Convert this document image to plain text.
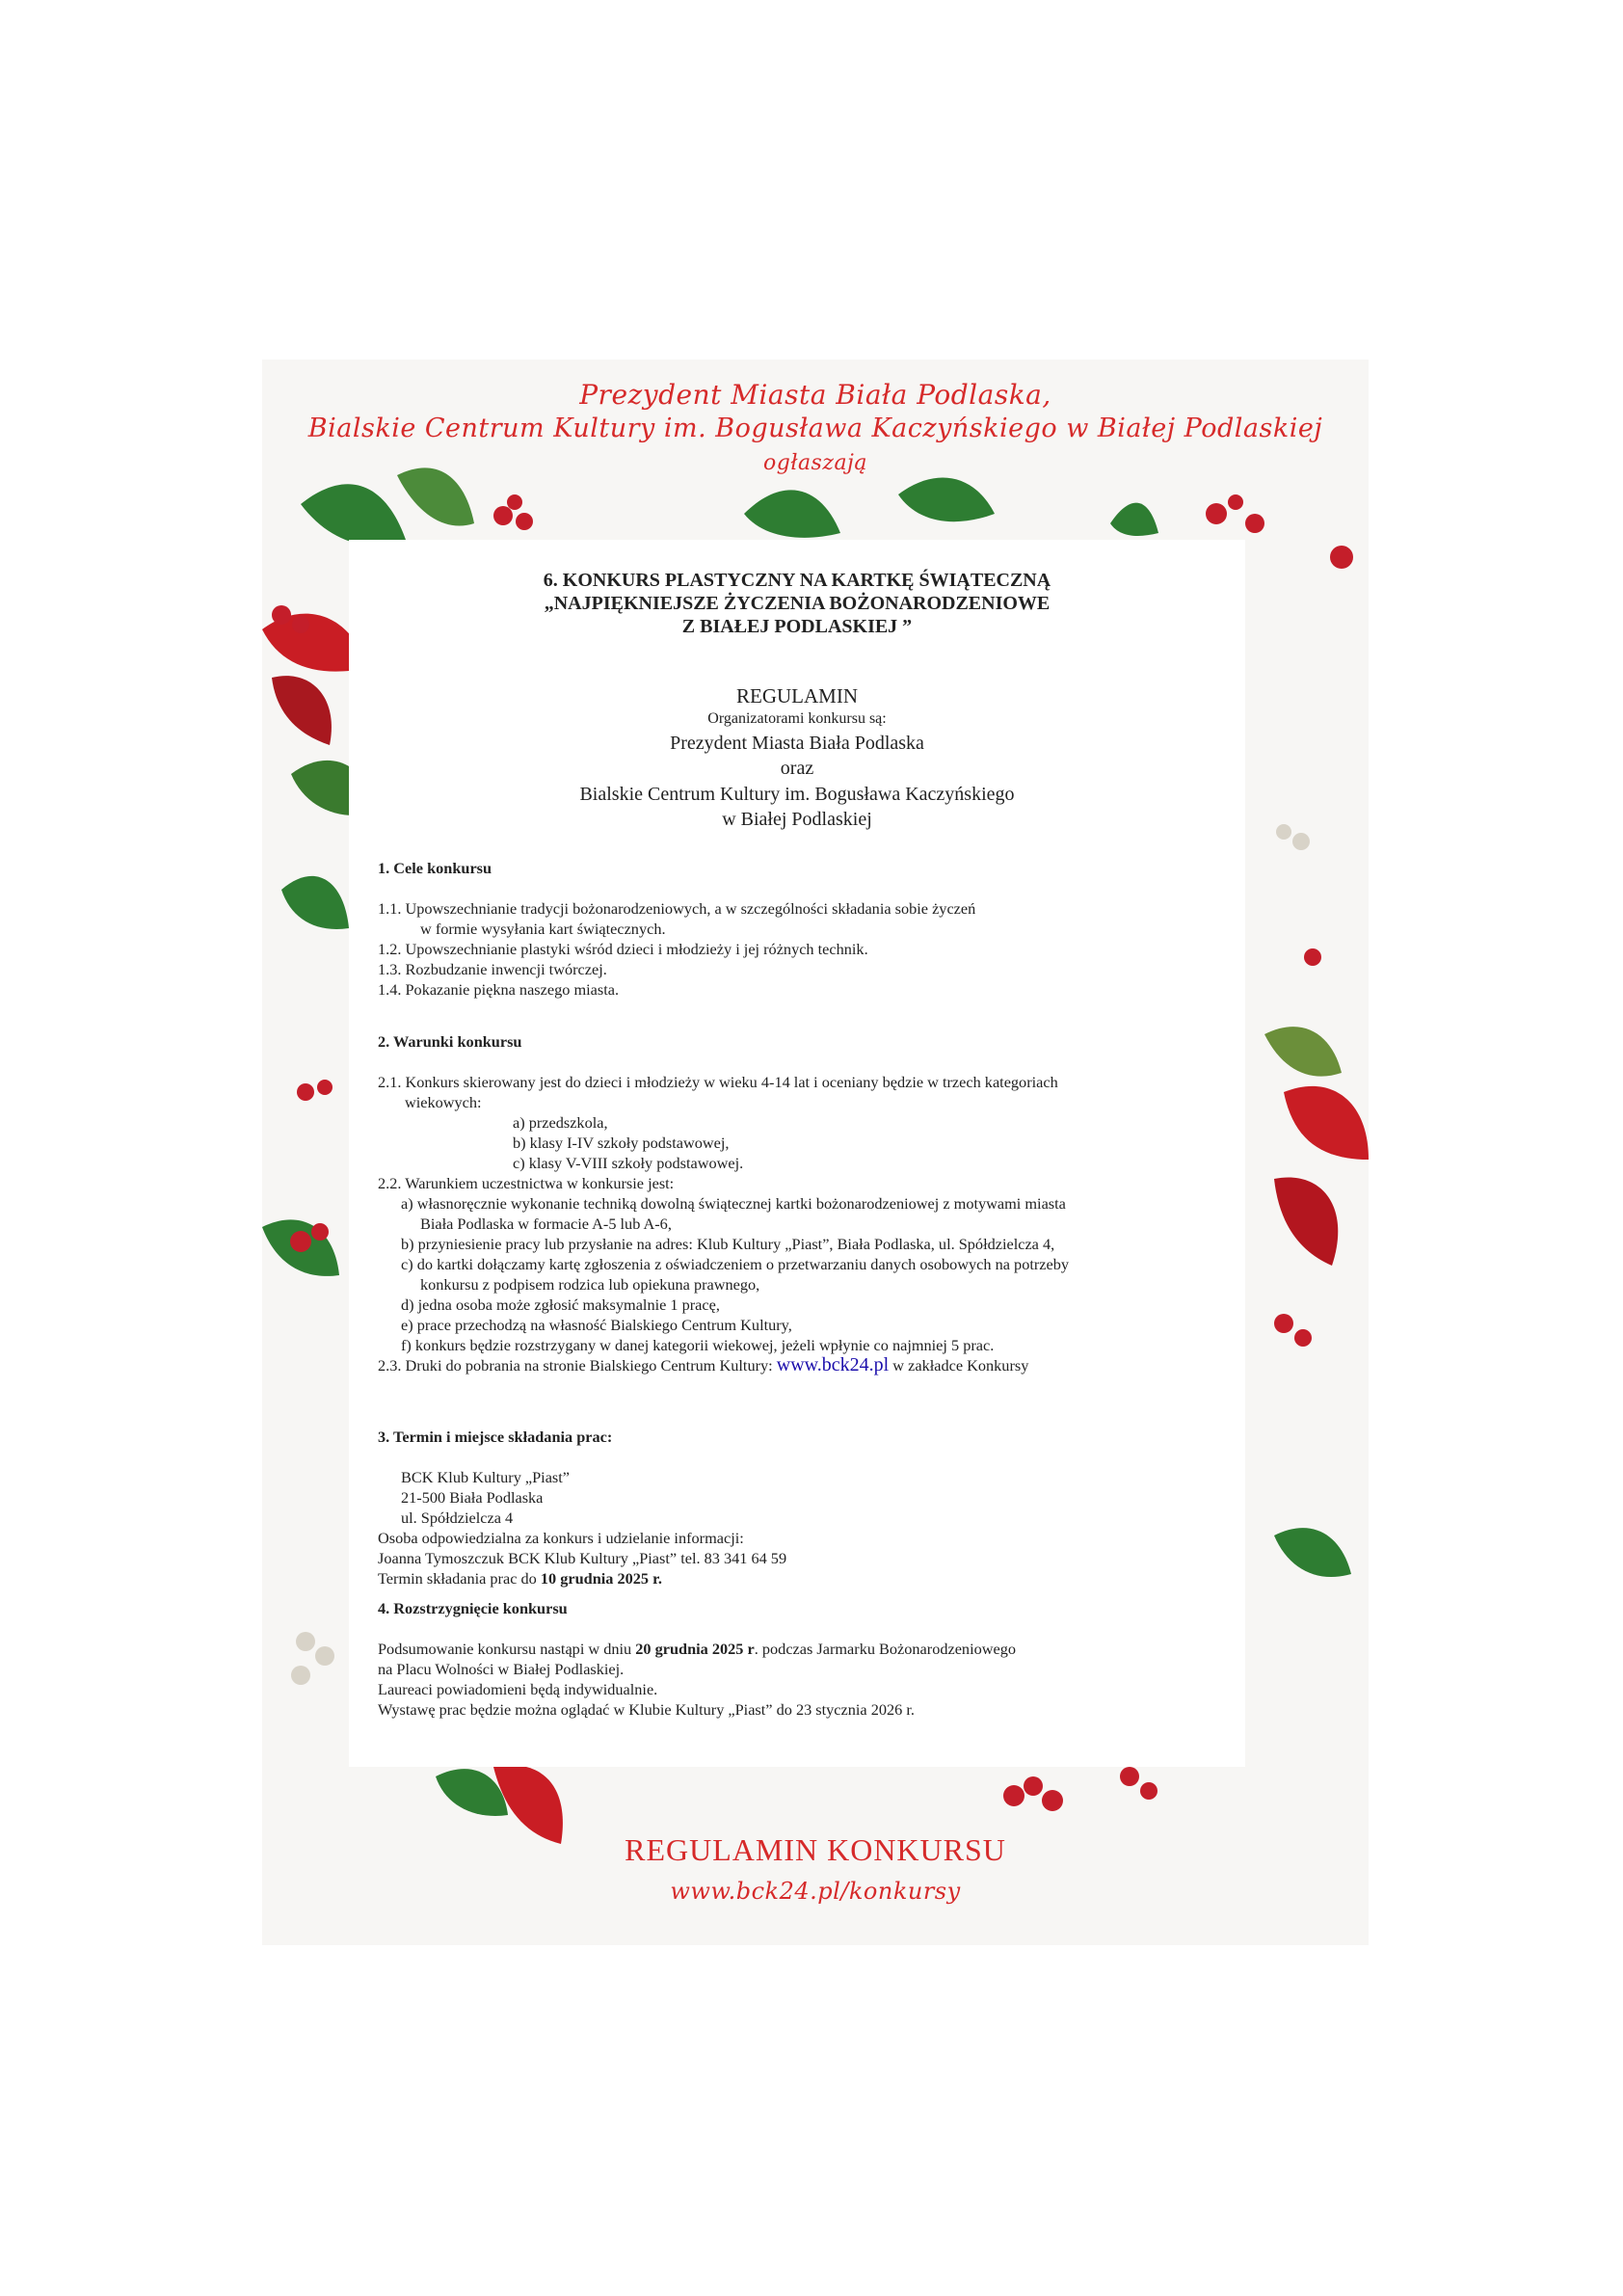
Prezydent Miasta Biała Podlaska,
Bialskie Centrum Kultury im. Bogusława Kaczyńskiego w Białej Podlaskiej
ogłaszają
6. KONKURS PLASTYCZNY NA KARTKĘ ŚWIĄTECZNĄ
„NAJPIĘKNIEJSZE ŻYCZENIA BOŻONARODZENIOWE
Z BIAŁEJ PODLASKIEJ ”
REGULAMIN
Organizatorami konkursu są:
Prezydent Miasta Biała Podlaska
oraz
Bialskie Centrum Kultury im. Bogusława Kaczyńskiego
w Białej Podlaskiej
1. Cele konkursu
1.1. Upowszechnianie tradycji bożonarodzeniowych, a w szczególności składania sobie życzeń
w formie wysyłania kart świątecznych.
1.2. Upowszechnianie plastyki wśród dzieci i młodzieży i jej różnych technik.
1.3. Rozbudzanie inwencji twórczej.
1.4. Pokazanie piękna naszego miasta.
2. Warunki konkursu
2.1. Konkurs skierowany jest do dzieci i młodzieży w wieku 4-14 lat i oceniany będzie w trzech kategoriach
wiekowych:
a) przedszkola,
b) klasy I-IV szkoły podstawowej,
c) klasy V-VIII szkoły podstawowej.
2.2. Warunkiem uczestnictwa w konkursie jest:
a) własnoręcznie wykonanie techniką dowolną świątecznej kartki bożonarodzeniowej z motywami miasta
Biała Podlaska w formacie A-5 lub A-6,
b) przyniesienie pracy lub przysłanie na adres: Klub Kultury „Piast”, Biała Podlaska, ul. Spółdzielcza 4,
c) do kartki dołączamy kartę zgłoszenia z oświadczeniem o przetwarzaniu danych osobowych na potrzeby
konkursu z podpisem rodzica lub opiekuna prawnego,
d) jedna osoba może zgłosić maksymalnie 1 pracę,
e) prace przechodzą na własność Bialskiego Centrum Kultury,
f) konkurs będzie rozstrzygany w danej kategorii wiekowej, jeżeli wpłynie co najmniej 5 prac.
2.3. Druki do pobrania na stronie Bialskiego Centrum Kultury: www.bck24.pl w zakładce Konkursy
3. Termin i miejsce składania prac:
BCK Klub Kultury „Piast”
21-500 Biała Podlaska
ul. Spółdzielcza 4
Osoba odpowiedzialna za konkurs i udzielanie informacji:
Joanna Tymoszczuk BCK Klub Kultury „Piast” tel. 83 341 64 59
Termin składania prac do 10 grudnia 2025 r.
4. Rozstrzygnięcie konkursu
Podsumowanie konkursu nastąpi w dniu 20 grudnia 2025 r. podczas Jarmarku Bożonarodzeniowego
na Placu Wolności w Białej Podlaskiej.
Laureaci powiadomieni będą indywidualnie.
Wystawę prac będzie można oglądać w Klubie Kultury „Piast” do 23 stycznia 2026 r.
REGULAMIN KONKURSU
www.bck24.pl/konkursy
